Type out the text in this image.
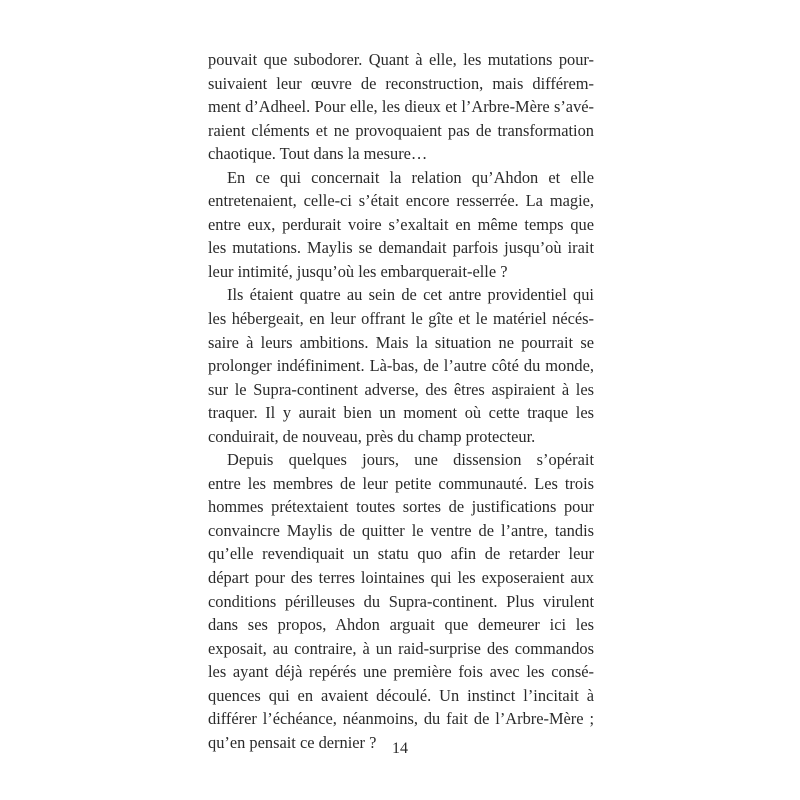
pouvait que subodorer. Quant à elle, les mutations pour-
suivaient leur œuvre de reconstruction, mais différem-
ment d’Adheel. Pour elle, les dieux et l’Arbre-Mère s’avé-
raient cléments et ne provoquaient pas de transformation
chaotique. Tout dans la mesure…

En ce qui concernait la relation qu’Ahdon et elle
entretenaient, celle-ci s’était encore resserrée. La magie,
entre eux, perdurait voire s’exaltait en même temps que
les mutations. Maylis se demandait parfois jusqu’où irait
leur intimité, jusqu’où les embarquerait-elle ?

Ils étaient quatre au sein de cet antre providentiel qui
les hébergeait, en leur offrant le gîte et le matériel nécés-
saire à leurs ambitions. Mais la situation ne pourrait se
prolonger indéfiniment. Là-bas, de l’autre côté du monde,
sur le Supra-continent adverse, des êtres aspiraient à les
traquer. Il y aurait bien un moment où cette traque les
conduirait, de nouveau, près du champ protecteur.

Depuis quelques jours, une dissension s’opérait
entre les membres de leur petite communauté. Les trois
hommes prétextaient toutes sortes de justifications pour
convaincre Maylis de quitter le ventre de l’antre, tandis
qu’elle revendiquait un statu quo afin de retarder leur
départ pour des terres lointaines qui les exposeraient aux
conditions périlleuses du Supra-continent. Plus virulent
dans ses propos, Ahdon arguait que demeurer ici les
exposait, au contraire, à un raid-surprise des commandos
les ayant déjà repérés une première fois avec les consé-
quences qui en avaient découlé. Un instinct l’incitait à
différer l’échéance, néanmoins, du fait de l’Arbre-Mère ;
qu’en pensait ce dernier ? 14
